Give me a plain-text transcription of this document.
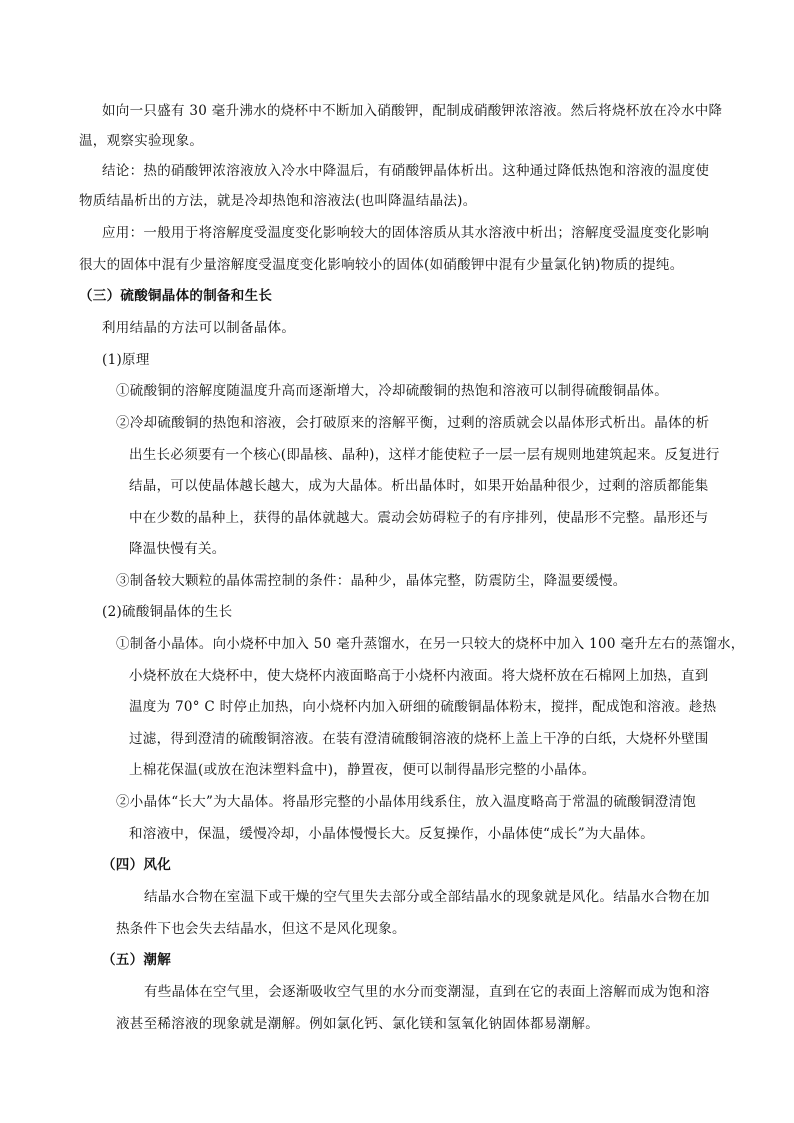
如向一只盛有 30 毫升沸水的烧杯中不断加入硝酸钾，配制成硝酸钾浓溶液。然后将烧杯放在冷水中降
温，观察实验现象。
结论：热的硝酸钾浓溶液放入冷水中降温后，有硝酸钾晶体析出。这种通过降低热饱和溶液的温度使
物质结晶析出的方法，就是冷却热饱和溶液法(也叫降温结晶法)。
应用：一般用于将溶解度受温度变化影响较大的固体溶质从其水溶液中析出；溶解度受温度变化影响
很大的固体中混有少量溶解度受温度变化影响较小的固体(如硝酸钾中混有少量氯化钠)物质的提纯。
（三）硫酸铜晶体的制备和生长
利用结晶的方法可以制备晶体。
(1)原理
①硫酸铜的溶解度随温度升高而逐渐增大，冷却硫酸铜的热饱和溶液可以制得硫酸铜晶体。
②冷却硫酸铜的热饱和溶液，会打破原来的溶解平衡，过剩的溶质就会以晶体形式析出。晶体的析
出生长必须要有一个核心(即晶核、晶种)，这样才能使粒子一层一层有规则地建筑起来。反复进行
结晶，可以使晶体越长越大，成为大晶体。析出晶体时，如果开始晶种很少，过剩的溶质都能集
中在少数的晶种上，获得的晶体就越大。震动会妨碍粒子的有序排列，使晶形不完整。晶形还与
降温快慢有关。
③制备较大颗粒的晶体需控制的条件：晶种少，晶体完整，防震防尘，降温要缓慢。
(2)硫酸铜晶体的生长
①制备小晶体。向小烧杯中加入 50 毫升蒸馏水，在另一只较大的烧杯中加入 100 毫升左右的蒸馏水，
小烧杯放在大烧杯中，使大烧杯内液面略高于小烧杯内液面。将大烧杯放在石棉网上加热，直到
温度为 70° C 时停止加热，向小烧杯内加入研细的硫酸铜晶体粉末，搅拌，配成饱和溶液。趁热
过滤，得到澄清的硫酸铜溶液。在装有澄清硫酸铜溶液的烧杯上盖上干净的白纸，大烧杯外壁围
上棉花保温(或放在泡沫塑料盒中)，静置夜，便可以制得晶形完整的小晶体。
②小晶体“长大”为大晶体。将晶形完整的小晶体用线系住，放入温度略高于常温的硫酸铜澄清饱
和溶液中，保温，缓慢冷却，小晶体慢慢长大。反复操作，小晶体使“成长”为大晶体。
（四）风化
结晶水合物在室温下或干燥的空气里失去部分或全部结晶水的现象就是风化。结晶水合物在加
热条件下也会失去结晶水，但这不是风化现象。
（五）潮解
有些晶体在空气里，会逐渐吸收空气里的水分而变潮湿，直到在它的表面上溶解而成为饱和溶
液甚至稀溶液的现象就是潮解。例如氯化钙、氯化镁和氢氧化钠固体都易潮解。
